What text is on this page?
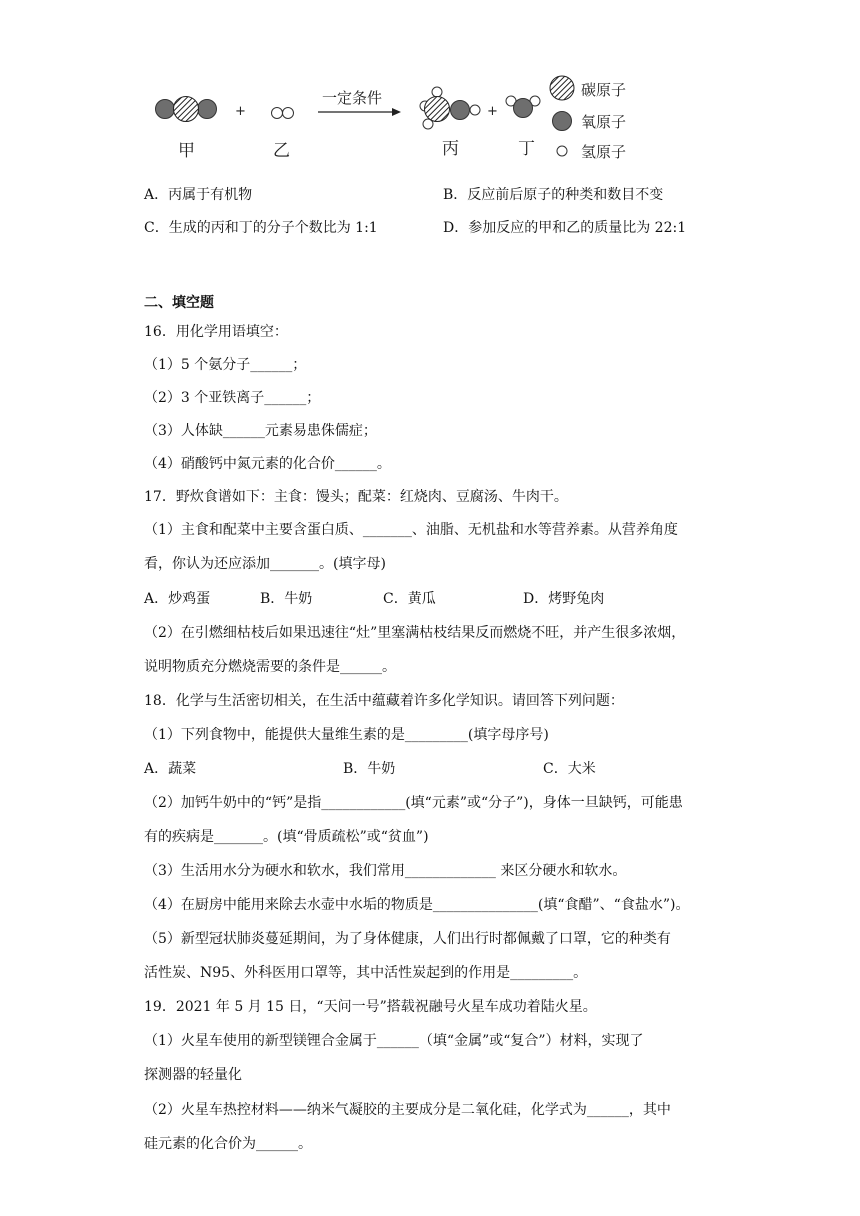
甲
+
乙
一定条件
丙
+
丁
碳原子
氧原子
氢原子
A．丙属于有机物	B．反应前后原子的种类和数目不变
C．生成的丙和丁的分子个数比为 1:1	D．参加反应的甲和乙的质量比为 22:1
二、填空题
16．用化学用语填空：
（1）5 个氨分子______；
（2）3 个亚铁离子______；
（3）人体缺______元素易患侏儒症；
（4）硝酸钙中氮元素的化合价______。
17．野炊食谱如下：主食：馒头；配菜：红烧肉、豆腐汤、牛肉干。
（1）主食和配菜中主要含蛋白质、_______、油脂、无机盐和水等营养素。从营养角度
看，你认为还应添加_______。(填字母)
A．炒鸡蛋	B．牛奶	C．黄瓜	D．烤野兔肉
（2）在引燃细枯枝后如果迅速往“灶”里塞满枯枝结果反而燃烧不旺，并产生很多浓烟，
说明物质充分燃烧需要的条件是______。
18．化学与生活密切相关，在生活中蕴藏着许多化学知识。请回答下列问题：
（1）下列食物中，能提供大量维生素的是_________(填字母序号)
A．蔬菜	B．牛奶	C．大米
（2）加钙牛奶中的“钙”是指____________(填“元素”或“分子”)，身体一旦缺钙，可能患
有的疾病是_______。(填“骨质疏松”或“贫血”)
（3）生活用水分为硬水和软水，我们常用_____________ 来区分硬水和软水。
（4）在厨房中能用来除去水壶中水垢的物质是_______________(填“食醋”、“食盐水”)。
（5）新型冠状肺炎蔓延期间，为了身体健康，人们出行时都佩戴了口罩，它的种类有
活性炭、N95、外科医用口罩等，其中活性炭起到的作用是_________。
19．2021 年 5 月 15 日，“天问一号”搭载祝融号火星车成功着陆火星。
（1）火星车使用的新型镁锂合金属于______（填“金属”或“复合”）材料，实现了
探测器的轻量化
（2）火星车热控材料——纳米气凝胶的主要成分是二氧化硅，化学式为______，其中
硅元素的化合价为______。
